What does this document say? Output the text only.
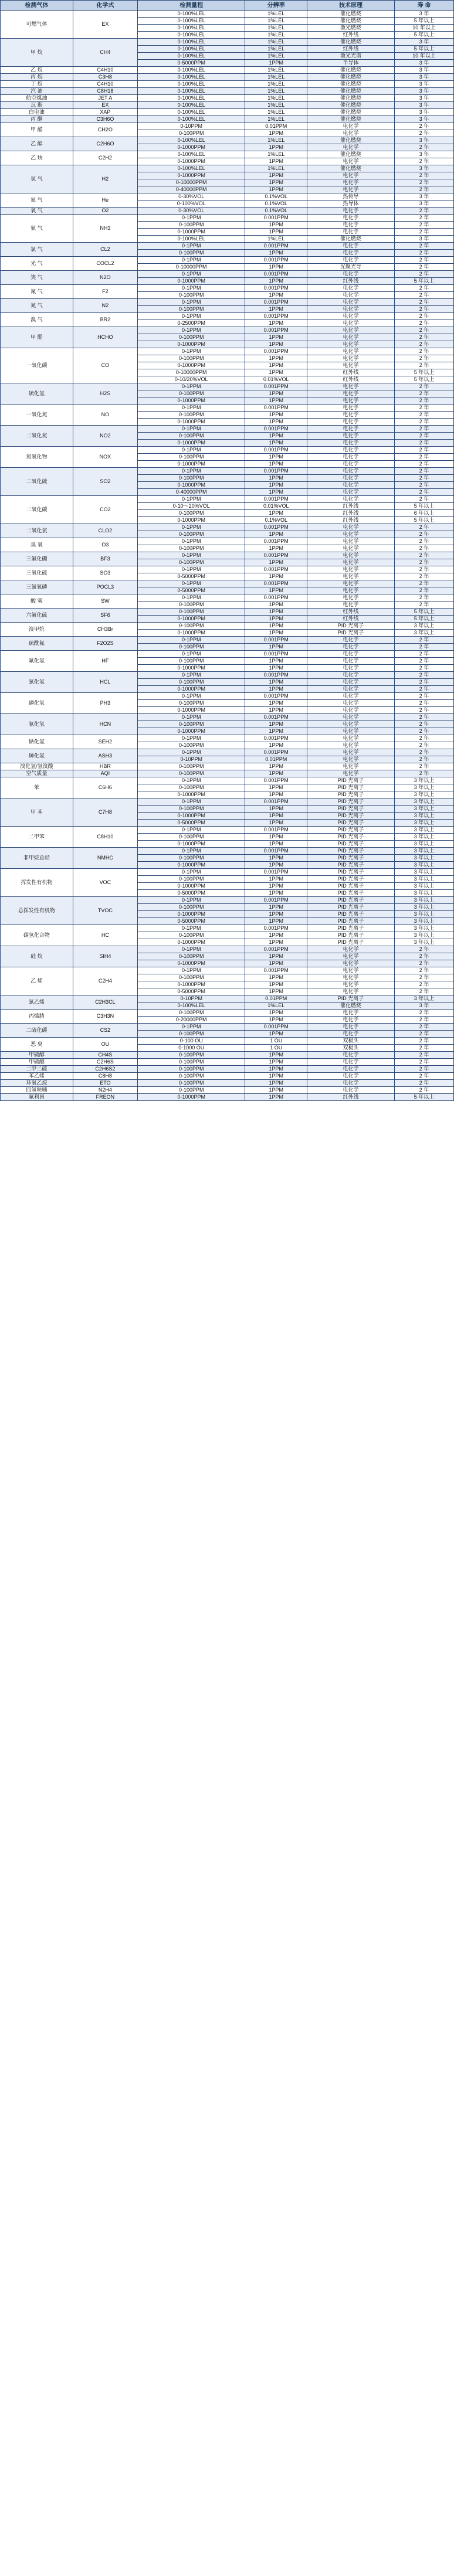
检测气体	化学式	检测量程	分辨率	技术原理	寿 命
可燃气体	EX	0-100%LEL	1%LEL	催化燃烧	3 年
		0-100%LEL	1%LEL	催化燃烧	5 年以上
		0-100%LEL	1%LEL	激光燃烧	10 年以上
		0-100%LEL	1%LEL	红外线	5 年以上
甲 烷	CH4	0-100%LEL	1%LEL	催化燃烧	3 年
		0-100%LEL	1%LEL	红外线	5 年以上
		0-100%LEL	1%LEL	激光光谱	10 年以上
		0-5000PPM	1PPM	半导体	3 年
乙 烷	C4H10	0-100%LEL	1%LEL	催化燃烧	3 年
丙 烷	C3H8	0-100%LEL	1%LEL	催化燃烧	3 年
丁 烷	C4H10	0-100%LEL	1%LEL	催化燃烧	3 年
汽 油	C8H18	0-100%LEL	1%LEL	催化燃烧	3 年
航空煤油	JET A	0-100%LEL	1%LEL	催化燃烧	3 年
瓦 斯	EX	0-100%LEL	1%LEL	催化燃烧	3 年
白电油	XAP	0-100%LEL	1%LEL	催化燃烧	3 年
丙 酮	C3H6O	0-100%LEL	1%LEL	催化燃烧	3 年
甲 醛	CH2O	0-10PPM	0.01PPM	电化学	2 年
		0-100PPM	1PPM	电化学	2 年
乙 醇	C2H6O	0-100%LEL	1%LEL	催化燃烧	3 年
		0-1000PPM	1PPM	电化学	2 年
乙 炔	C2H2	0-100%LEL	1%LEL	催化燃烧	3 年
		0-1000PPM	1PPM	电化学	2 年
氢 气	H2	0-100%LEL	1%LEL	催化燃烧	3 年
		0-1000PPM	1PPM	电化学	2 年
		0-10000PPM	1PPM	电化学	2 年
		0-40000PPM	1PPM	电化学	2 年
氦 气	He	0-30%VOL	0.1%VOL	热传导	3 年
		0-100%VOL	0.1%VOL	热导体	3 年
氧 气	O2	0-30%VOL	0.1%VOL	电化学	2 年
氨 气	NH3	0-1PPM	0.001PPM	电化学	2 年
		0-100PPM	1PPM	电化学	2 年
		0-1000PPM	1PPM	电化学	2 年
		0-100%LEL	1%LEL	催化燃烧	3 年
氯 气	CL2	0-1PPM	0.001PPM	电化学	2 年
		0-100PPM	1PPM	电化学	2 年
光 气	COCL2	0-1PPM	0.001PPM	电化学	2 年
		0-10000PPM	1PPM	光聚光导	2 年
笑 气	N2O	0-1PPM	0.001PPM	电化学	2 年
		0-1000PPM	1PPM	红外线	5 年以上
氟 气	F2	0-1PPM	0.001PPM	电化学	2 年
		0-100PPM	1PPM	电化学	2 年
氮 气	N2	0-1PPM	0.001PPM	电化学	2 年
		0-100PPM	1PPM	电化学	2 年
溴 气	BR2	0-1PPM	0.001PPM	电化学	2 年
		0-2500PPM	1PPM	电化学	2 年
甲 醛	HCHO	0-1PPM	0.001PPM	电化学	2 年
		0-100PPM	1PPM	电化学	2 年
		0-1000PPM	1PPM	电化学	2 年
一氧化碳	CO	0-1PPM	0.001PPM	电化学	2 年
		0-100PPM	1PPM	电化学	2 年
		0-1000PPM	1PPM	电化学	2 年
		0-10000PPM	1PPM	红外线	5 年以上
		0-10/20%VOL	0.01%VOL	红外线	5 年以上
硫化氢	H2S	0-1PPM	0.001PPM	电化学	2 年
		0-100PPM	1PPM	电化学	2 年
		0-1000PPM	1PPM	电化学	2 年
一氧化氮	NO	0-1PPM	0.001PPM	电化学	2 年
		0-100PPM	1PPM	电化学	2 年
		0-1000PPM	1PPM	电化学	2 年
二氧化氮	NO2	0-1PPM	0.001PPM	电化学	2 年
		0-100PPM	1PPM	电化学	2 年
		0-1000PPM	1PPM	电化学	2 年
氮氧化物	NOX	0-1PPM	0.001PPM	电化学	2 年
		0-100PPM	1PPM	电化学	2 年
		0-1000PPM	1PPM	电化学	2 年
二氧化硫	SO2	0-1PPM	0.001PPM	电化学	2 年
		0-100PPM	1PPM	电化学	2 年
		0-1000PPM	1PPM	电化学	2 年
		0-40000PPM	1PPM	电化学	2 年
二氧化碳	CO2	0-1PPM	0.001PPM	电化学	2 年
		0-10～20%VOL	0.01%VOL	红外线	5 年以上
		0-100PPM	1PPM	红外线	6 年以上
		0-1000PPM	0.1%VOL	红外线	5 年以上
二氧化氯	CLO2	0-1PPM	0.001PPM	电化学	2 年
		0-100PPM	1PPM	电化学	2 年
臭 氧	O3	0-1PPM	0.001PPM	电化学	2 年
		0-100PPM	1PPM	电化学	2 年
三氟化硼	BF3	0-1PPM	0.001PPM	电化学	2 年
		0-100PPM	1PPM	电化学	2 年
三氧化硫	SO3	0-1PPM	0.001PPM	电化学	2 年
		0-5000PPM	1PPM	电化学	2 年
三氯氧磷	POCL3	0-1PPM	0.001PPM	电化学	2 年
		0-5000PPM	1PPM	电化学	2 年
酸 雾	SW	0-1PPM	0.001PPM	电化学	2 年
		0-100PPM	1PPM	电化学	2 年
六氟化硫	SF6	0-100PPM	1PPM	红外线	5 年以上
		0-1000PPM	1PPM	红外线	5 年以上
溴甲烷	CH3Br	0-100PPM	1PPM	PID 光离子	3 年以上
		0-1000PPM	1PPM	PID 光离子	3 年以上
硫酰氟	F2O2S	0-1PPM	0.001PPM	电化学	2 年
		0-100PPM	1PPM	电化学	2 年
氟化氢	HF	0-1PPM	0.001PPM	电化学	2 年
		0-100PPM	1PPM	电化学	2 年
		0-1000PPM	1PPM	电化学	2 年
氯化氢	HCL	0-1PPM	0.001PPM	电化学	2 年
		0-100PPM	1PPM	电化学	2 年
		0-1000PPM	1PPM	电化学	2 年
磷化氢	PH3	0-1PPM	0.001PPM	电化学	2 年
		0-100PPM	1PPM	电化学	2 年
		0-1000PPM	1PPM	电化学	2 年
氰化氢	HCN	0-1PPM	0.001PPM	电化学	2 年
		0-100PPM	1PPM	电化学	2 年
		0-1000PPM	1PPM	电化学	2 年
硒化氢	SEH2	0-1PPM	0.001PPM	电化学	2 年
		0-100PPM	1PPM	电化学	2 年
砷化氢	ASH3	0-1PPM	0.001PPM	电化学	2 年
		0-10PPM	0.01PPM	电化学	2 年
溴化氢/氢溴酸	HBR	0-100PPM	1PPM	电化学	2 年
空气质量	AQI	0-100PPM	1PPM	电化学	2 年
苯	C6H6	0-1PPM	0.001PPM	PID 光离子	3 年以上
		0-100PPM	1PPM	PID 光离子	3 年以上
		0-1000PPM	1PPM	PID 光离子	3 年以上
甲 苯	C7H8	0-1PPM	0.001PPM	PID 光离子	3 年以上
		0-100PPM	1PPM	PID 光离子	3 年以上
		0-1000PPM	1PPM	PID 光离子	3 年以上
		0-5000PPM	1PPM	PID 光离子	3 年以上
二甲苯	C8H10	0-1PPM	0.001PPM	PID 光离子	3 年以上
		0-100PPM	1PPM	PID 光离子	3 年以上
		0-1000PPM	1PPM	PID 光离子	3 年以上
非甲烷总烃	NMHC	0-1PPM	0.001PPM	PID 光离子	3 年以上
		0-100PPM	1PPM	PID 光离子	3 年以上
		0-1000PPM	1PPM	PID 光离子	3 年以上
挥发性有机物	VOC	0-1PPM	0.001PPM	PID 光离子	3 年以上
		0-100PPM	1PPM	PID 光离子	3 年以上
		0-1000PPM	1PPM	PID 光离子	3 年以上
		0-5000PPM	1PPM	PID 光离子	3 年以上
总挥发性有机物	TVOC	0-1PPM	0.001PPM	PID 光离子	3 年以上
		0-100PPM	1PPM	PID 光离子	3 年以上
		0-1000PPM	1PPM	PID 光离子	3 年以上
		0-5000PPM	1PPM	PID 光离子	3 年以上
碳氢化合物	HC	0-1PPM	0.001PPM	PID 光离子	3 年以上
		0-100PPM	1PPM	PID 光离子	3 年以上
		0-1000PPM	1PPM	PID 光离子	3 年以上
硅 烷	SIH4	0-1PPM	0.001PPM	电化学	2 年
		0-100PPM	1PPM	电化学	2 年
		0-1000PPM	1PPM	电化学	2 年
乙 烯	C2H4	0-1PPM	0.001PPM	电化学	2 年
		0-100PPM	1PPM	电化学	2 年
		0-1000PPM	1PPM	电化学	2 年
		0-5000PPM	1PPM	电化学	2 年
氯乙烯	C2H3CL	0-10PPM	0.01PPM	PID 光离子	3 年以上
		0-100%LEL	1%LEL	催化燃烧	3 年
丙烯腈	C3H3N	0-100PPM	1PPM	电化学	2 年
		0-20000PPM	1PPM	电化学	2 年
二硫化碳	CS2	0-1PPM	0.001PPM	电化学	2 年
		0-100PPM	1PPM	电化学	2 年
恶 臭	OU	0-100 OU	1 OU	双极头	2 年
		0-1000 OU	1 OU	双极头	2 年
甲硫醇	CH4S	0-100PPM	1PPM	电化学	2 年
甲硫醚	C2H6S	0-100PPM	1PPM	电化学	2 年
二甲二硫	C2H6S2	0-100PPM	1PPM	电化学	2 年
苯乙烯	C8H8	0-100PPM	1PPM	电化学	2 年
环氧乙烷	ETO	0-100PPM	1PPM	电化学	2 年
四氢呋喃	N2H4	0-100PPM	1PPM	电化学	2 年
氟利昂	FREON	0-1000PPM	1PPM	红外线	5 年以上
